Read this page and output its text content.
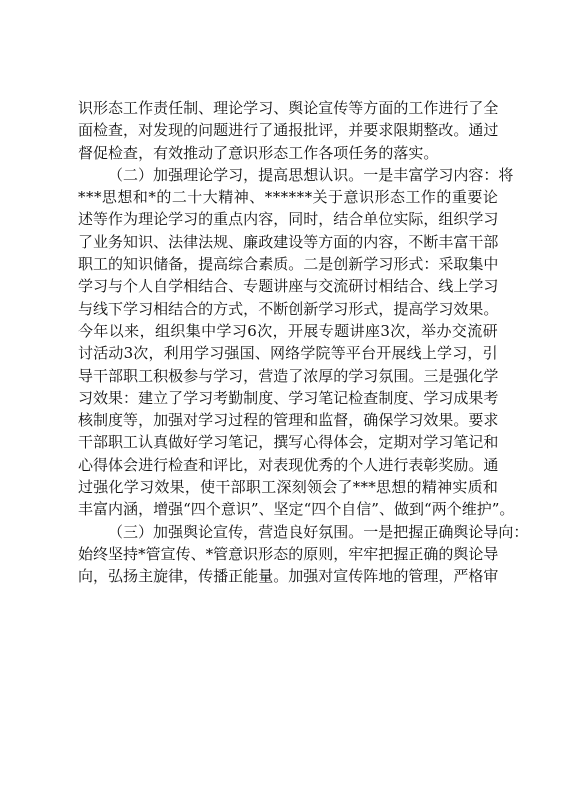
识 形 态 工 作 责 任 制 、 理 论 学 习 、 舆 论 宣 传 等 方 面 的 工 作 进 行 了 全
面 检 查 ， 对 发 现 的 问 题 进 行 了 通 报 批 评 ， 并 要 求 限 期 整 改 。 通 过
督 促 检 查 ， 有 效 推 动 了 意 识 形 态 工 作 各 项 任 务 的 落 实 。
（ 二 ） 加 强 理 论 学 习 ， 提 高 思 想 认 识 。 一 是 丰 富 学 习 内 容 ： 将
* * * 思 想 和 * 的 二 十 大 精 神 、 * * * * * * 关 于 意 识 形 态 工 作 的 重 要 论
述 等 作 为 理 论 学 习 的 重 点 内 容 ， 同 时 ， 结 合 单 位 实 际 ， 组 织 学 习
了 业 务 知 识 、 法 律 法 规 、 廉 政 建 设 等 方 面 的 内 容 ， 不 断 丰 富 干 部
职 工 的 知 识 储 备 ， 提 高 综 合 素 质 。 二 是 创 新 学 习 形 式 ： 采 取 集 中
学 习 与 个 人 自 学 相 结 合 、 专 题 讲 座 与 交 流 研 讨 相 结 合 、 线 上 学 习
与 线 下 学 习 相 结 合 的 方 式 ， 不 断 创 新 学 习 形 式 ， 提 高 学 习 效 果 。
今 年 以 来 ， 组 织 集 中 学 习 6 次 ， 开 展 专 题 讲 座 3 次 ， 举 办 交 流 研
讨 活 动 3 次 ， 利 用 学 习 强 国 、 网 络 学 院 等 平 台 开 展 线 上 学 习 ， 引
导 干 部 职 工 积 极 参 与 学 习 ， 营 造 了 浓 厚 的 学 习 氛 围 。 三 是 强 化 学
习 效 果 ： 建 立 了 学 习 考 勤 制 度 、 学 习 笔 记 检 查 制 度 、 学 习 成 果 考
核 制 度 等 ， 加 强 对 学 习 过 程 的 管 理 和 监 督 ， 确 保 学 习 效 果 。 要 求
干 部 职 工 认 真 做 好 学 习 笔 记 ， 撰 写 心 得 体 会 ， 定 期 对 学 习 笔 记 和
心 得 体 会 进 行 检 查 和 评 比 ， 对 表 现 优 秀 的 个 人 进 行 表 彰 奖 励 。 通
过 强 化 学 习 效 果 ， 使 干 部 职 工 深 刻 领 会 了 * * * 思 想 的 精 神 实 质 和
丰 富 内 涵 ， 增 强 “ 四 个 意 识 ” 、 坚 定 “ 四 个 自 信 ” 、 做 到 “ 两 个 维 护 ” 。
（ 三 ） 加 强 舆 论 宣 传 ， 营 造 良 好 氛 围 。 一 是 把 握 正 确 舆 论 导 向 ：
始 终 坚 持 * 管 宣 传 、 * 管 意 识 形 态 的 原 则 ， 牢 牢 把 握 正 确 的 舆 论 导
向 ， 弘 扬 主 旋 律 ， 传 播 正 能 量 。 加 强 对 宣 传 阵 地 的 管 理 ， 严 格 审
